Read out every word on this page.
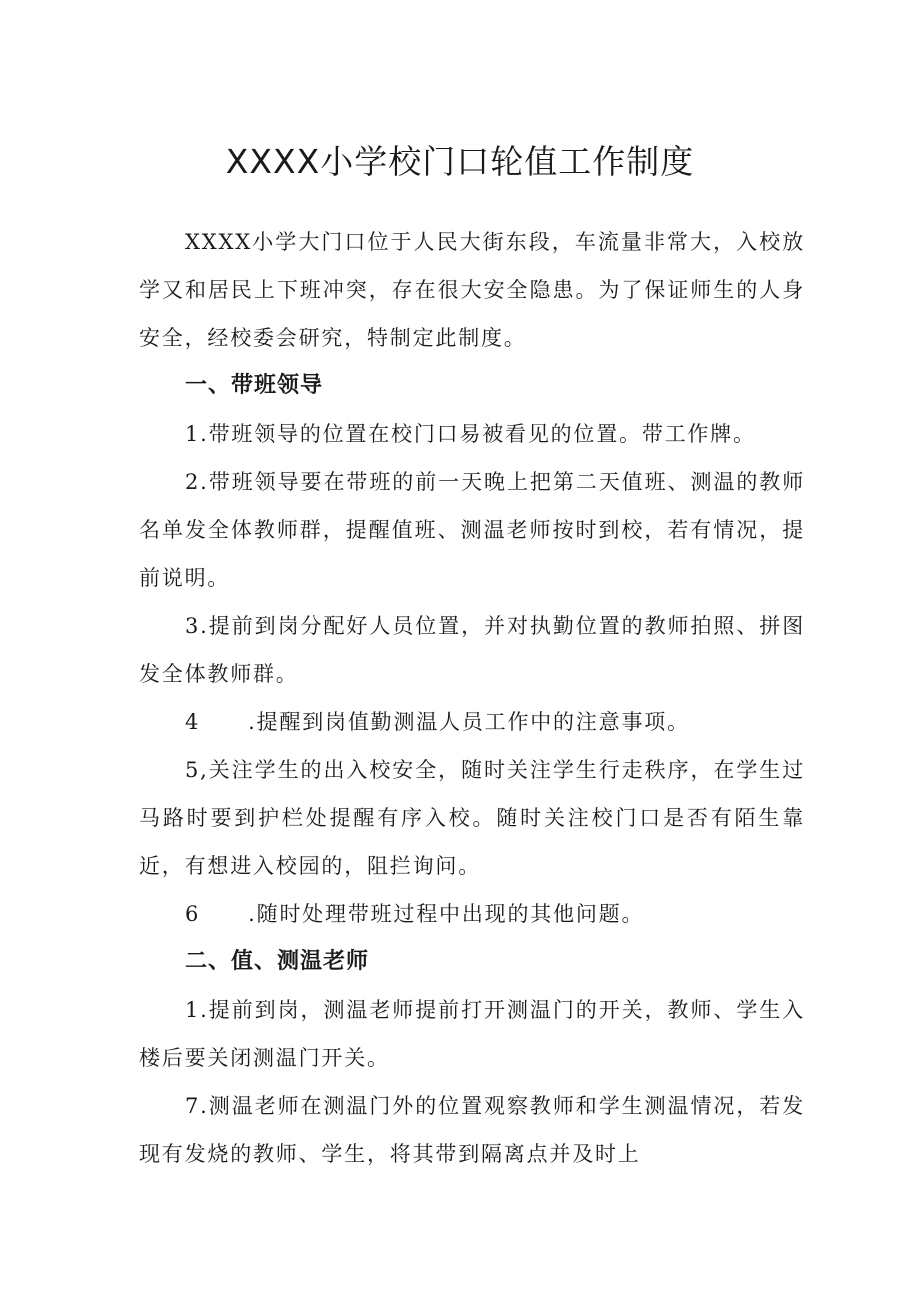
XXXX小学校门口轮值工作制度

XXXX小学大门口位于人民大街东段，车流量非常大，入校放学又和居民上下班冲突，存在很大安全隐患。为了保证师生的人身安全，经校委会研究，特制定此制度。

一、带班领导

1.带班领导的位置在校门口易被看见的位置。带工作牌。

2.带班领导要在带班的前一天晚上把第二天值班、测温的教师名单发全体教师群，提醒值班、测温老师按时到校，若有情况，提前说明。

3.提前到岗分配好人员位置，并对执勤位置的教师拍照、拼图发全体教师群。

4 .提醒到岗值勤测温人员工作中的注意事项。

5,关注学生的出入校安全，随时关注学生行走秩序，在学生过马路时要到护栏处提醒有序入校。随时关注校门口是否有陌生靠近，有想进入校园的，阻拦询问。

6 .随时处理带班过程中出现的其他问题。

二、值、测温老师

1.提前到岗，测温老师提前打开测温门的开关，教师、学生入楼后要关闭测温门开关。

7.测温老师在测温门外的位置观察教师和学生测温情况，若发现有发烧的教师、学生，将其带到隔离点并及时上
